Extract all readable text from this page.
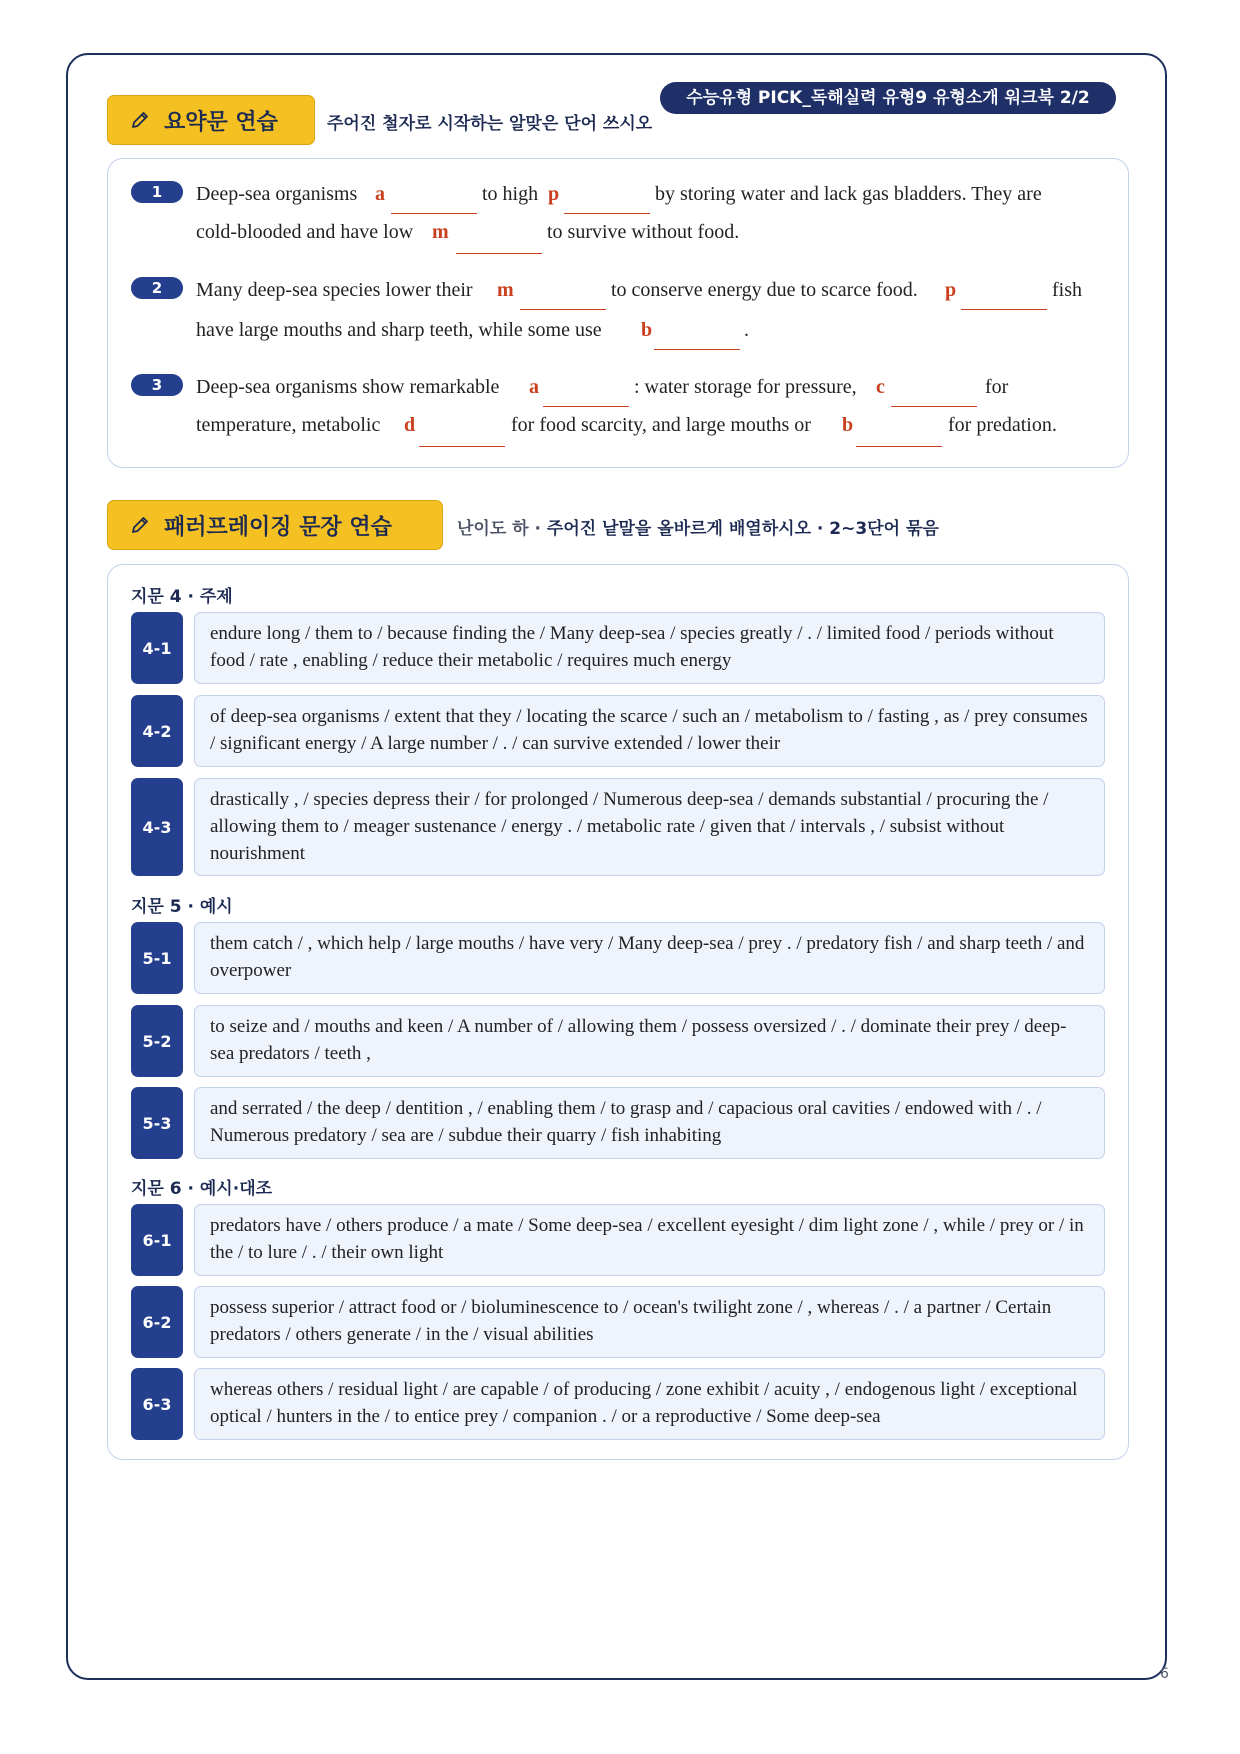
수능유형 PICK_독해실력 유형9 유형소개 워크북 2/2
요약문 연습	주어진 철자로 시작하는 알맞은 단어 쓰시오
1	Deep-sea organisms a	to high p	by storing water and lack gas bladders. They are
cold-blooded and have low m	to survive without food.
2	Many deep-sea species lower their m	to conserve energy due to scarce food. p	fish
have large mouths and sharp teeth, while some use b	.
3	Deep-sea organisms show remarkable a	: water storage for pressure, c	for
temperature, metabolic d	for food scarcity, and large mouths or b	for predation.
패러프레이징 문장 연습	난이도 하 · 주어진 낱말을 올바르게 배열하시오 · 2~3단어 묶음
지문 4 · 주제
4-1
endure long / them to / because finding the / Many deep-sea / species greatly / . / limited food / periods without food / rate , enabling / reduce their metabolic / requires much energy
4-2
of deep-sea organisms / extent that they / locating the scarce / such an / metabolism to / fasting , as / prey consumes / significant energy / A large number / . / can survive extended / lower their
4-3
drastically , / species depress their / for prolonged / Numerous deep-sea / demands substantial / procuring the / allowing them to / meager sustenance / energy . / metabolic rate / given that / intervals , / subsist without nourishment
지문 5 · 예시
5-1
them catch / , which help / large mouths / have very / Many deep-sea / prey . / predatory fish / and sharp teeth / and overpower
5-2
to seize and / mouths and keen / A number of / allowing them / possess oversized / . / dominate their prey / deep-sea predators / teeth ,
5-3
and serrated / the deep / dentition , / enabling them / to grasp and / capacious oral cavities / endowed with / . / Numerous predatory / sea are / subdue their quarry / fish inhabiting
지문 6 · 예시·대조
6-1
predators have / others produce / a mate / Some deep-sea / excellent eyesight / dim light zone / , while / prey or / in the / to lure / . / their own light
6-2
possess superior / attract food or / bioluminescence to / ocean's twilight zone / , whereas / . / a partner / Certain predators / others generate / in the / visual abilities
6-3
whereas others / residual light / are capable / of producing / zone exhibit / acuity , / endogenous light / exceptional optical / hunters in the / to entice prey / companion . / or a reproductive / Some deep-sea
6
